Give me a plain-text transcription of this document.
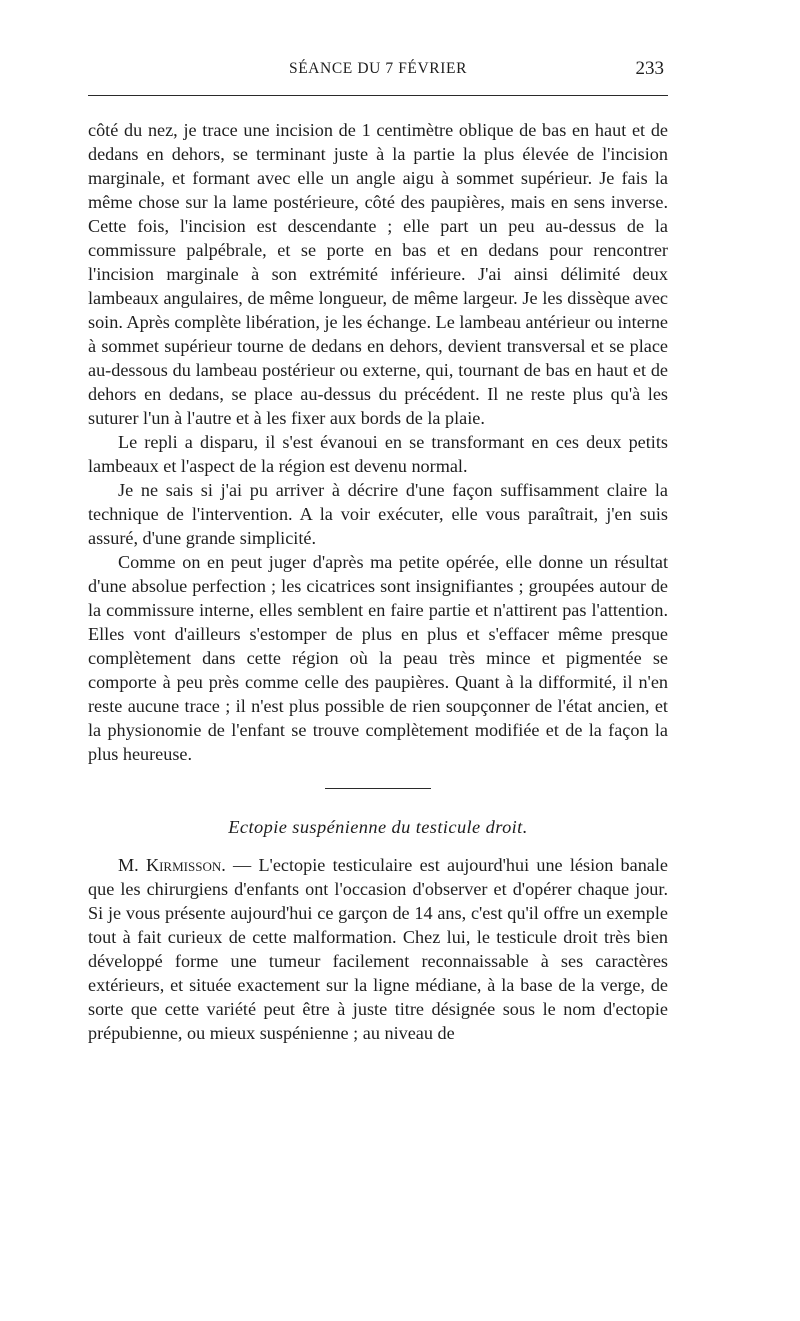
SÉANCE DU 7 FÉVRIER	233

côté du nez, je trace une incision de 1 centimètre oblique de bas en haut et de dedans en dehors, se terminant juste à la partie la plus élevée de l'incision marginale, et formant avec elle un angle aigu à sommet supérieur. Je fais la même chose sur la lame postérieure, côté des paupières, mais en sens inverse. Cette fois, l'incision est descendante ; elle part un peu au-dessus de la commissure palpébrale, et se porte en bas et en dedans pour rencontrer l'incision marginale à son extrémité inférieure. J'ai ainsi délimité deux lambeaux angulaires, de même longueur, de même largeur. Je les dissèque avec soin. Après complète libération, je les échange. Le lambeau antérieur ou interne à sommet supérieur tourne de dedans en dehors, devient transversal et se place au-dessous du lambeau postérieur ou externe, qui, tournant de bas en haut et de dehors en dedans, se place au-dessus du précédent. Il ne reste plus qu'à les suturer l'un à l'autre et à les fixer aux bords de la plaie.

Le repli a disparu, il s'est évanoui en se transformant en ces deux petits lambeaux et l'aspect de la région est devenu normal.

Je ne sais si j'ai pu arriver à décrire d'une façon suffisamment claire la technique de l'intervention. A la voir exécuter, elle vous paraîtrait, j'en suis assuré, d'une grande simplicité.

Comme on en peut juger d'après ma petite opérée, elle donne un résultat d'une absolue perfection ; les cicatrices sont insignifiantes ; groupées autour de la commissure interne, elles semblent en faire partie et n'attirent pas l'attention. Elles vont d'ailleurs s'estomper de plus en plus et s'effacer même presque complètement dans cette région où la peau très mince et pigmentée se comporte à peu près comme celle des paupières. Quant à la difformité, il n'en reste aucune trace ; il n'est plus possible de rien soupçonner de l'état ancien, et la physionomie de l'enfant se trouve complètement modifiée et de la façon la plus heureuse.

Ectopie suspénienne du testicule droit.

M. Kirmisson. — L'ectopie testiculaire est aujourd'hui une lésion banale que les chirurgiens d'enfants ont l'occasion d'observer et d'opérer chaque jour. Si je vous présente aujourd'hui ce garçon de 14 ans, c'est qu'il offre un exemple tout à fait curieux de cette malformation. Chez lui, le testicule droit très bien développé forme une tumeur facilement reconnaissable à ses caractères extérieurs, et située exactement sur la ligne médiane, à la base de la verge, de sorte que cette variété peut être à juste titre désignée sous le nom d'ectopie prépubienne, ou mieux suspénienne ; au niveau de
